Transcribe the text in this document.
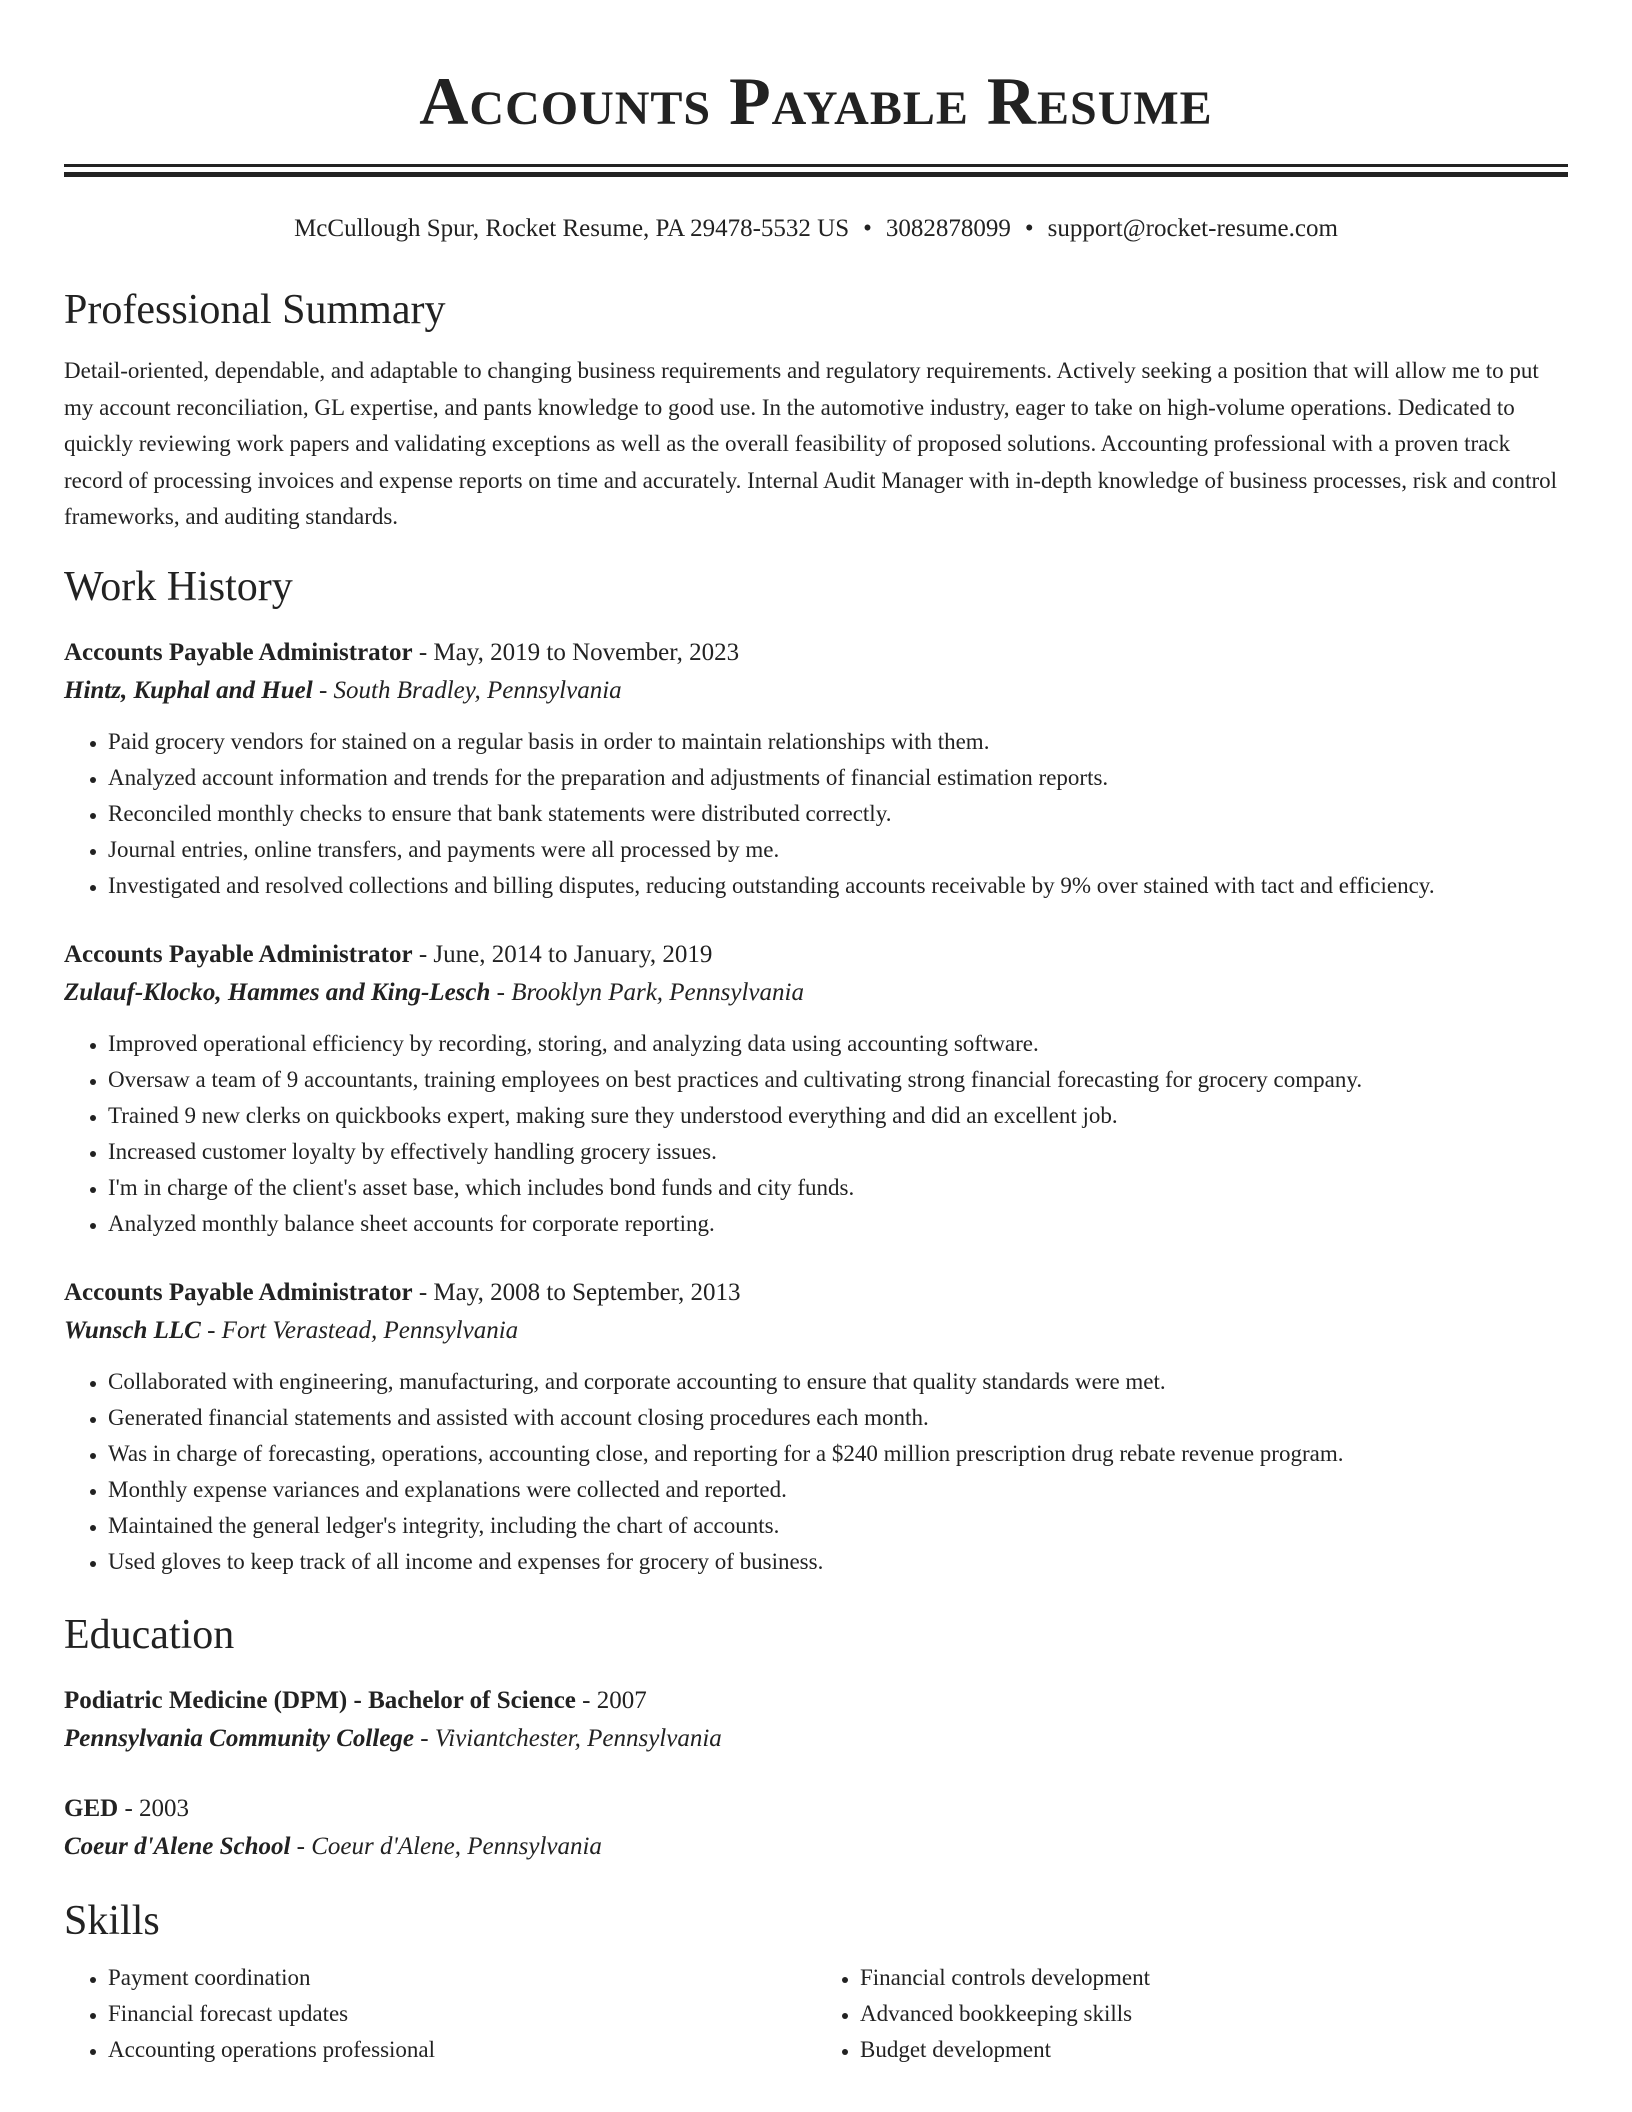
Accounts Payable Resume
McCullough Spur, Rocket Resume, PA 29478-5532 US • 3082878099 • support@rocket-resume.com
Professional Summary

Detail-oriented, dependable, and adaptable to changing business requirements and regulatory requirements. Actively seeking a position that will allow me to put my account reconciliation, GL expertise, and pants knowledge to good use. In the automotive industry, eager to take on high-volume operations. Dedicated to quickly reviewing work papers and validating exceptions as well as the overall feasibility of proposed solutions. Accounting professional with a proven track record of processing invoices and expense reports on time and accurately. Internal Audit Manager with in-depth knowledge of business processes, risk and control frameworks, and auditing standards.

Work History
Accounts Payable Administrator - May, 2019 to November, 2023
Hintz, Kuphal and Huel - South Bradley, Pennsylvania
• Paid grocery vendors for stained on a regular basis in order to maintain relationships with them.
• Analyzed account information and trends for the preparation and adjustments of financial estimation reports.
• Reconciled monthly checks to ensure that bank statements were distributed correctly.
• Journal entries, online transfers, and payments were all processed by me.
• Investigated and resolved collections and billing disputes, reducing outstanding accounts receivable by 9% over stained with tact and efficiency.
Accounts Payable Administrator - June, 2014 to January, 2019
Zulauf-Klocko, Hammes and King-Lesch - Brooklyn Park, Pennsylvania
• Improved operational efficiency by recording, storing, and analyzing data using accounting software.
• Oversaw a team of 9 accountants, training employees on best practices and cultivating strong financial forecasting for grocery company.
• Trained 9 new clerks on quickbooks expert, making sure they understood everything and did an excellent job.
• Increased customer loyalty by effectively handling grocery issues.
• I'm in charge of the client's asset base, which includes bond funds and city funds.
• Analyzed monthly balance sheet accounts for corporate reporting.
Accounts Payable Administrator - May, 2008 to September, 2013
Wunsch LLC - Fort Verastead, Pennsylvania
• Collaborated with engineering, manufacturing, and corporate accounting to ensure that quality standards were met.
• Generated financial statements and assisted with account closing procedures each month.
• Was in charge of forecasting, operations, accounting close, and reporting for a $240 million prescription drug rebate revenue program.
• Monthly expense variances and explanations were collected and reported.
• Maintained the general ledger's integrity, including the chart of accounts.
• Used gloves to keep track of all income and expenses for grocery of business.
Education
Podiatric Medicine (DPM) - Bachelor of Science - 2007
Pennsylvania Community College - Viviantchester, Pennsylvania
GED - 2003
Coeur d'Alene School - Coeur d'Alene, Pennsylvania
Skills
• Payment coordination
• Financial forecast updates
• Accounting operations professional
• Financial controls development
• Advanced bookkeeping skills
• Budget development
